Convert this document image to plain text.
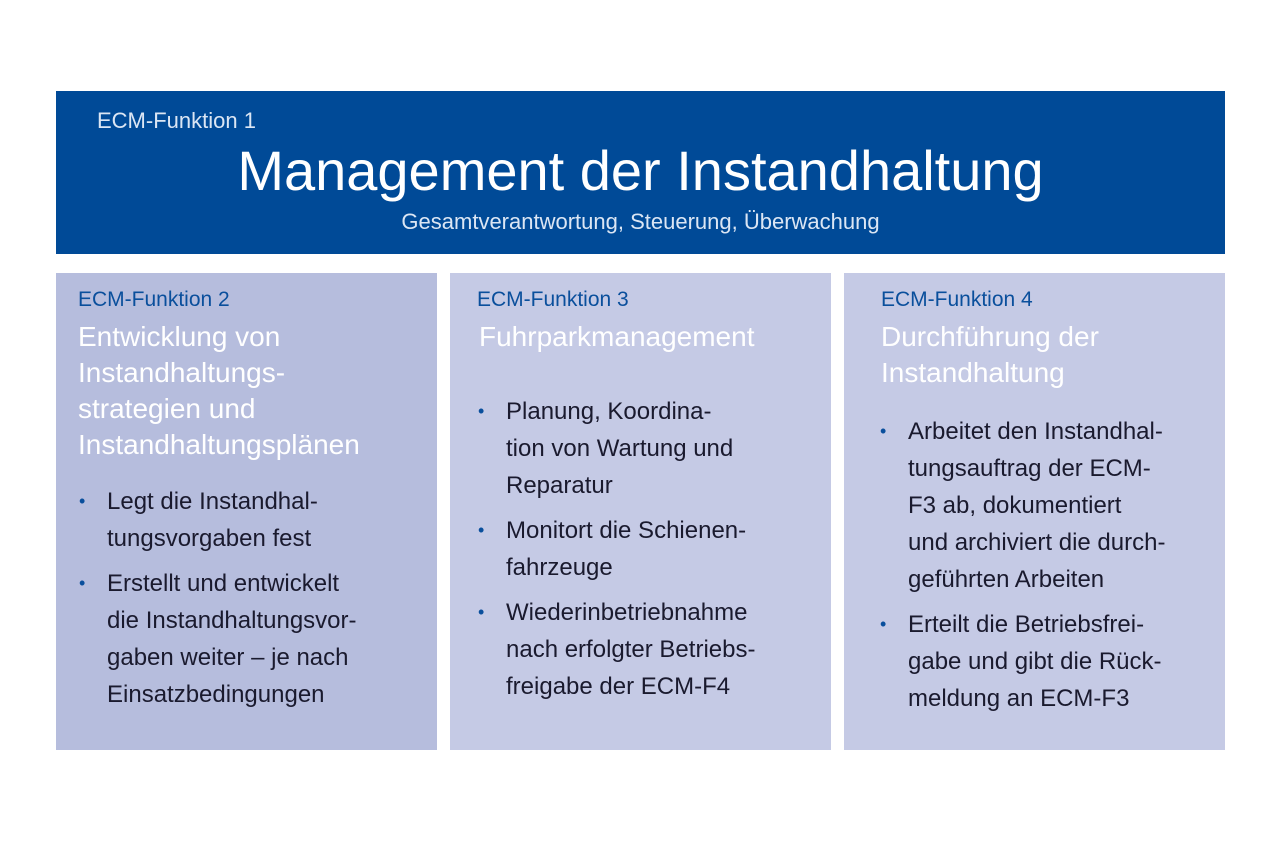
ECM-Funktion 1
Management der Instandhaltung
Gesamtverantwortung, Steuerung, Überwachung
ECM-Funktion 2
Entwicklung von
Instandhaltungs-
strategien und
Instandhaltungsplänen
• Legt die Instandhal-
tungsvorgaben fest
• Erstellt und entwickelt
die Instandhaltungsvor-
gaben weiter – je nach
Einsatzbedingungen
ECM-Funktion 3
Fuhrparkmanagement
• Planung, Koordina-
tion von Wartung und
Reparatur
• Monitort die Schienen-
fahrzeuge
• Wiederinbetriebnahme
nach erfolgter Betriebs-
freigabe der ECM-F4
ECM-Funktion 4
Durchführung der
Instandhaltung
• Arbeitet den Instandhal-
tungsauftrag der ECM-
F3 ab, dokumentiert
und archiviert die durch-
geführten Arbeiten
• Erteilt die Betriebsfrei-
gabe und gibt die Rück-
meldung an ECM-F3
